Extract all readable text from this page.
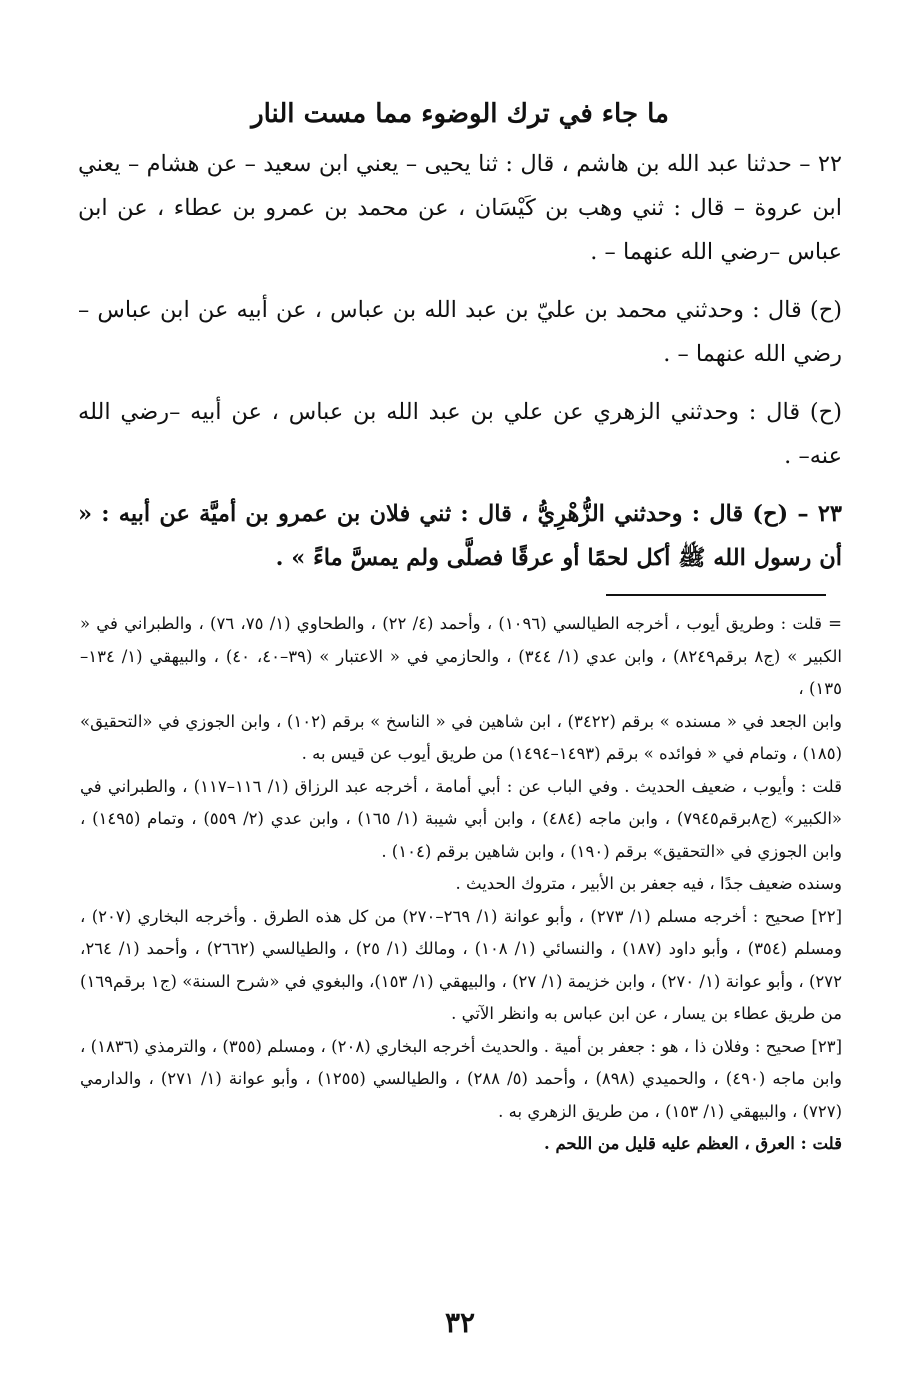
ما جاء في ترك الوضوء مما مست النار

٢٢ – حدثنا عبد الله بن هاشم ، قال : ثنا يحيى – يعني ابن سعيد – عن هشام – يعني ابن عروة – قال : ثني وهب بن كَيْسَان ، عن محمد بن عمرو بن عطاء ، عن ابن عباس –رضي الله عنهما – .

(ح) قال : وحدثني محمد بن عليّ بن عبد الله بن عباس ، عن أبيه عن ابن عباس –رضي الله عنهما – .

(ح) قال : وحدثني الزهري عن علي بن عبد الله بن عباس ، عن أبيه –رضي الله عنه– .

٢٣ – (ح) قال : وحدثني الزُّهْرِيُّ ، قال : ثني فلان بن عمرو بن أميَّة عن أبيه : « أن رسول الله ﷺ أكل لحمًا أو عرقًا فصلَّى ولم يمسَّ ماءً » .

= قلت : وطريق أيوب ، أخرجه الطيالسي (١٠٩٦) ، وأحمد (٤/ ٢٢) ، والطحاوي (١/ ٧٥، ٧٦) ، والطبراني في « الكبير » (ج٨ برقم٨٢٤٩) ، وابن عدي (١/ ٣٤٤) ، والحازمي في « الاعتبار » (٣٩–٤٠، ٤٠) ، والبيهقي (١/ ١٣٤–١٣٥) ،

وابن الجعد في « مسنده » برقم (٣٤٢٢) ، ابن شاهين في « الناسخ » برقم (١٠٢) ، وابن الجوزي في «التحقيق» (١٨٥) ، وتمام في « فوائده » برقم (١٤٩٣–١٤٩٤) من طريق أيوب عن قيس به .

قلت : وأيوب ، ضعيف الحديث . وفي الباب عن : أبي أمامة ، أخرجه عبد الرزاق (١/ ١١٦–١١٧) ، والطبراني في «الكبير» (ج٨برقم٧٩٤٥) ، وابن ماجه (٤٨٤) ، وابن أبي شيبة (١/ ١٦٥) ، وابن عدي (٢/ ٥٥٩) ، وتمام (١٤٩٥) ، وابن الجوزي في «التحقيق» برقم (١٩٠) ، وابن شاهين برقم (١٠٤) .

وسنده ضعيف جدًا ، فيه جعفر بن الأبير ، متروك الحديث .

[٢٢] صحيح : أخرجه مسلم (١/ ٢٧٣) ، وأبو عوانة (١/ ٢٦٩–٢٧٠) من كل هذه الطرق . وأخرجه البخاري (٢٠٧) ، ومسلم (٣٥٤) ، وأبو داود (١٨٧) ، والنسائي (١/ ١٠٨) ، ومالك (١/ ٢٥) ، والطيالسي (٢٦٦٢) ، وأحمد (١/ ٢٦٤، ٢٧٢) ، وأبو عوانة (١/ ٢٧٠) ، وابن خزيمة (١/ ٢٧) ، والبيهقي (١/ ١٥٣)، والبغوي في «شرح السنة» (ج١ برقم١٦٩) من طريق عطاء بن يسار ، عن ابن عباس به وانظر الآتي .

[٢٣] صحيح : وفلان ذا ، هو : جعفر بن أمية . والحديث أخرجه البخاري (٢٠٨) ، ومسلم (٣٥٥) ، والترمذي (١٨٣٦) ، وابن ماجه (٤٩٠) ، والحميدي (٨٩٨) ، وأحمد (٥/ ٢٨٨) ، والطيالسي (١٢٥٥) ، وأبو عوانة (١/ ٢٧١) ، والدارمي (٧٢٧) ، والبيهقي (١/ ١٥٣) ، من طريق الزهري به .

قلت : العرق ، العظم عليه قليل من اللحم .

٣٢
